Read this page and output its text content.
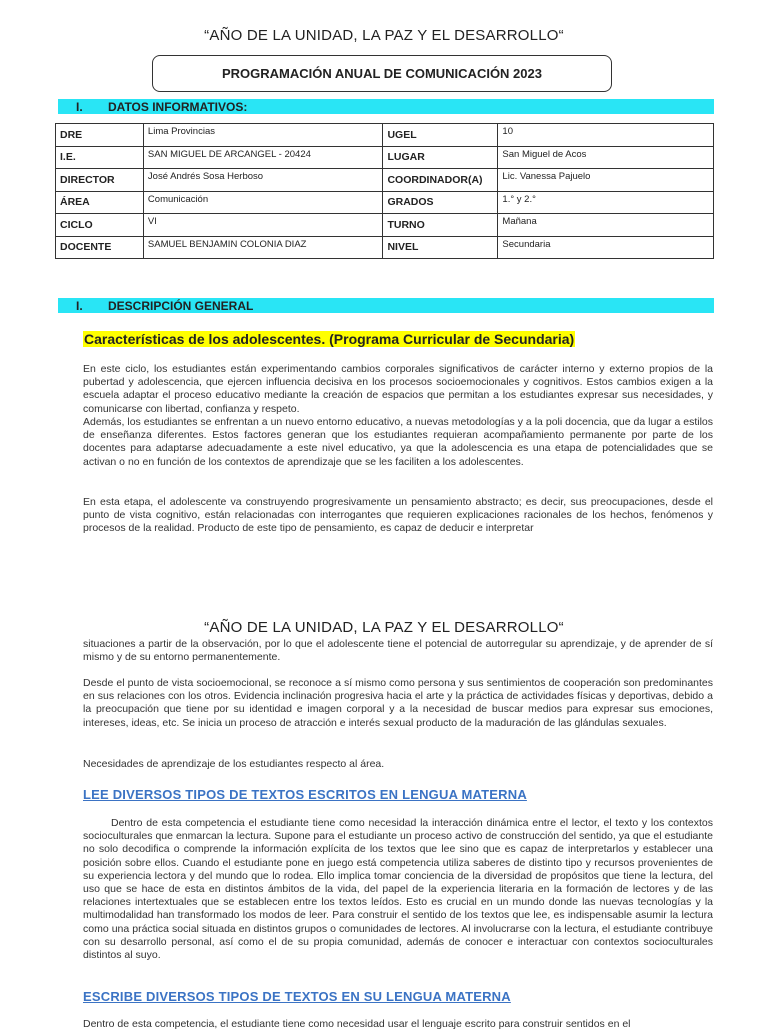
“AÑO DE LA UNIDAD, LA PAZ Y EL DESARROLLO“
PROGRAMACIÓN ANUAL DE COMUNICACIÓN 2023
I.	DATOS INFORMATIVOS:
DRE	Lima Provincias	UGEL	10
I.E.	SAN MIGUEL DE ARCANGEL - 20424	LUGAR	San Miguel de Acos
DIRECTOR	José Andrés Sosa Herboso	COORDINADOR(A)	Lic. Vanessa Pajuelo
ÁREA	Comunicación	GRADOS	1.° y 2.°
CICLO	VI	TURNO	Mañana
DOCENTE	SAMUEL BENJAMIN COLONIA DIAZ	NIVEL	Secundaria
I.	DESCRIPCIÓN GENERAL
Características de los adolescentes. (Programa Curricular de Secundaria)
En este ciclo, los estudiantes están experimentando cambios corporales significativos de carácter interno y externo propios de la pubertad y adolescencia, que ejercen influencia decisiva en los procesos socioemocionales y cognitivos. Estos cambios exigen a la escuela adaptar el proceso educativo mediante la creación de espacios que permitan a los estudiantes expresar sus necesidades, y comunicarse con libertad, confianza y respeto.
Además, los estudiantes se enfrentan a un nuevo entorno educativo, a nuevas metodologías y a la poli docencia, que da lugar a estilos de enseñanza diferentes. Estos factores generan que los estudiantes requieran acompañamiento permanente por parte de los docentes para adaptarse adecuadamente a este nivel educativo, ya que la adolescencia es una etapa de potencialidades que se activan o no en función de los contextos de aprendizaje que se les faciliten a los adolescentes.
En esta etapa, el adolescente va construyendo progresivamente un pensamiento abstracto; es decir, sus preocupaciones, desde el punto de vista cognitivo, están relacionadas con interrogantes que requieren explicaciones racionales de los hechos, fenómenos y procesos de la realidad. Producto de este tipo de pensamiento, es capaz de deducir e interpretar
“AÑO DE LA UNIDAD, LA PAZ Y EL DESARROLLO“
situaciones a partir de la observación, por lo que el adolescente tiene el potencial de autorregular su aprendizaje, y de aprender de sí mismo y de su entorno permanentemente.
Desde el punto de vista socioemocional, se reconoce a sí mismo como persona y sus sentimientos de cooperación son predominantes en sus relaciones con los otros. Evidencia inclinación progresiva hacia el arte y la práctica de actividades físicas y deportivas, debido a la preocupación que tiene por su identidad e imagen corporal y a la necesidad de buscar medios para expresar sus emociones, intereses, ideas, etc. Se inicia un proceso de atracción e interés sexual producto de la maduración de las glándulas sexuales.
Necesidades de aprendizaje de los estudiantes respecto al área.
LEE DIVERSOS TIPOS DE TEXTOS ESCRITOS EN LENGUA MATERNA
Dentro de esta competencia el estudiante tiene como necesidad la interacción dinámica entre el lector, el texto y los contextos socioculturales que enmarcan la lectura. Supone para el estudiante un proceso activo de construcción del sentido, ya que el estudiante no solo decodifica o comprende la información explícita de los textos que lee sino que es capaz de interpretarlos y establecer una posición sobre ellos. Cuando el estudiante pone en juego está competencia utiliza saberes de distinto tipo y recursos provenientes de su experiencia lectora y del mundo que lo rodea. Ello implica tomar conciencia de la diversidad de propósitos que tiene la lectura, del uso que se hace de esta en distintos ámbitos de la vida, del papel de la experiencia literaria en la formación de lectores y de las relaciones intertextuales que se establecen entre los textos leídos. Esto es crucial en un mundo donde las nuevas tecnologías y la multimodalidad han transformado los modos de leer. Para construir el sentido de los textos que lee, es indispensable asumir la lectura como una práctica social situada en distintos grupos o comunidades de lectores. Al involucrarse con la lectura, el estudiante contribuye con su desarrollo personal, así como el de su propia comunidad, además de conocer e interactuar con contextos socioculturales distintos al suyo.
ESCRIBE DIVERSOS TIPOS DE TEXTOS EN SU LENGUA MATERNA
Dentro de esta competencia, el estudiante tiene como necesidad usar el lenguaje escrito para construir sentidos en el
